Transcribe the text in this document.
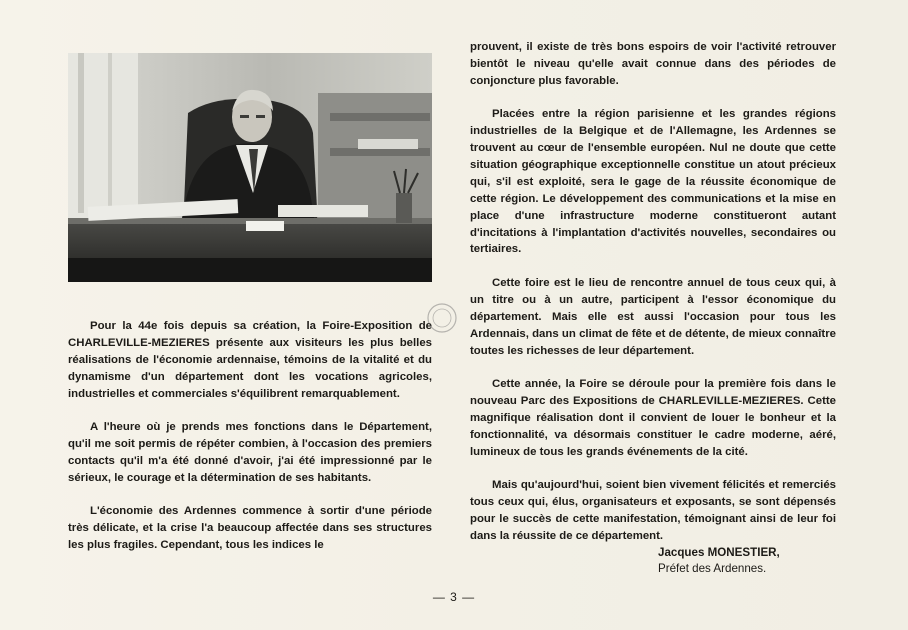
Pour la 44e fois depuis sa création, la Foire-Exposition de CHARLEVILLE-MEZIERES présente aux visiteurs les plus belles réalisations de l'économie ardennaise, témoins de la vitalité et du dynamisme d'un département dont les vocations agricoles, industrielles et commerciales s'équilibrent remarquablement.

A l'heure où je prends mes fonctions dans le Département, qu'il me soit permis de répéter combien, à l'occasion des premiers contacts qu'il m'a été donné d'avoir, j'ai été impressionné par le sérieux, le courage et la détermination de ses habitants.

L'économie des Ardennes commence à sortir d'une période très délicate, et la crise l'a beaucoup affectée dans ses structures les plus fragiles. Cependant, tous les indices le

prouvent, il existe de très bons espoirs de voir l'activité retrouver bientôt le niveau qu'elle avait connue dans des périodes de conjoncture plus favorable.

Placées entre la région parisienne et les grandes régions industrielles de la Belgique et de l'Allemagne, les Ardennes se trouvent au cœur de l'ensemble européen. Nul ne doute que cette situation géographique exceptionnelle constitue un atout précieux qui, s'il est exploité, sera le gage de la réussite économique de cette région. Le développement des communications et la mise en place d'une infrastructure moderne constitueront autant d'incitations à l'implantation d'activités nouvelles, secondaires ou tertiaires.

Cette foire est le lieu de rencontre annuel de tous ceux qui, à un titre ou à un autre, participent à l'essor économique du département. Mais elle est aussi l'occasion pour tous les Ardennais, dans un climat de fête et de détente, de mieux connaître toutes les richesses de leur département.

Cette année, la Foire se déroule pour la première fois dans le nouveau Parc des Expositions de CHARLEVILLE-MEZIERES. Cette magnifique réalisation dont il convient de louer le bonheur et la fonctionnalité, va désormais constituer le cadre moderne, aéré, lumineux de tous les grands événements de la cité.

Mais qu'aujourd'hui, soient bien vivement félicités et remerciés tous ceux qui, élus, organisateurs et exposants, se sont dépensés pour le succès de cette manifestation, témoignant ainsi de leur foi dans la réussite de ce département.

Jacques MONESTIER,
Préfet des Ardennes.
— 3 —
